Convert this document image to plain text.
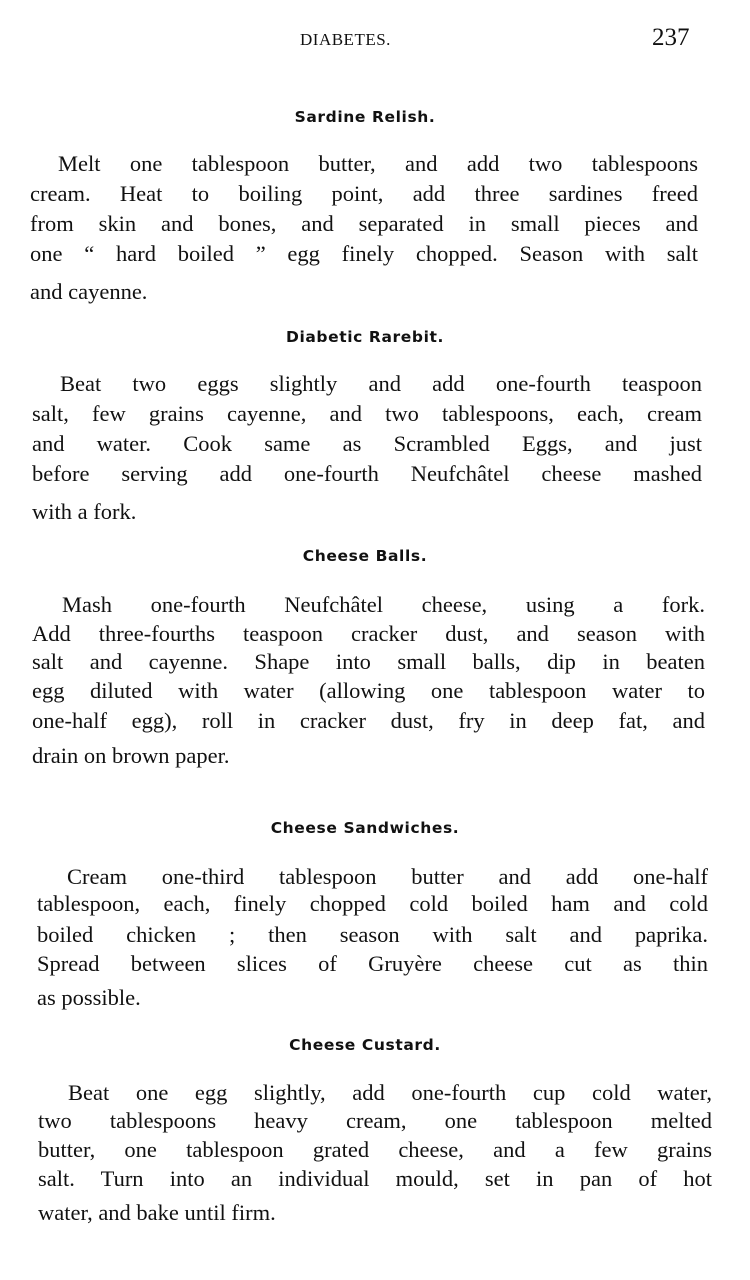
DIABETES.	237
Sardine Relish.
Melt one tablespoon butter, and add two tablespoons
cream. Heat to boiling point, add three sardines freed
from skin and bones, and separated in small pieces and
one “ hard boiled ” egg finely chopped. Season with salt
and cayenne.
Diabetic Rarebit.
Beat two eggs slightly and add one-fourth teaspoon
salt, few grains cayenne, and two tablespoons, each, cream
and water. Cook same as Scrambled Eggs, and just
before serving add one-fourth Neufchâtel cheese mashed
with a fork.
Cheese Balls.
Mash one-fourth Neufchâtel cheese, using a fork.
Add three-fourths teaspoon cracker dust, and season with
salt and cayenne. Shape into small balls, dip in beaten
egg diluted with water (allowing one tablespoon water to
one-half egg), roll in cracker dust, fry in deep fat, and
drain on brown paper.
Cheese Sandwiches.
Cream one-third tablespoon butter and add one-half
tablespoon, each, finely chopped cold boiled ham and cold
boiled chicken ; then season with salt and paprika.
Spread between slices of Gruyère cheese cut as thin
as possible.
Cheese Custard.
Beat one egg slightly, add one-fourth cup cold water,
two tablespoons heavy cream, one tablespoon melted
butter, one tablespoon grated cheese, and a few grains
salt. Turn into an individual mould, set in pan of hot
water, and bake until firm.
